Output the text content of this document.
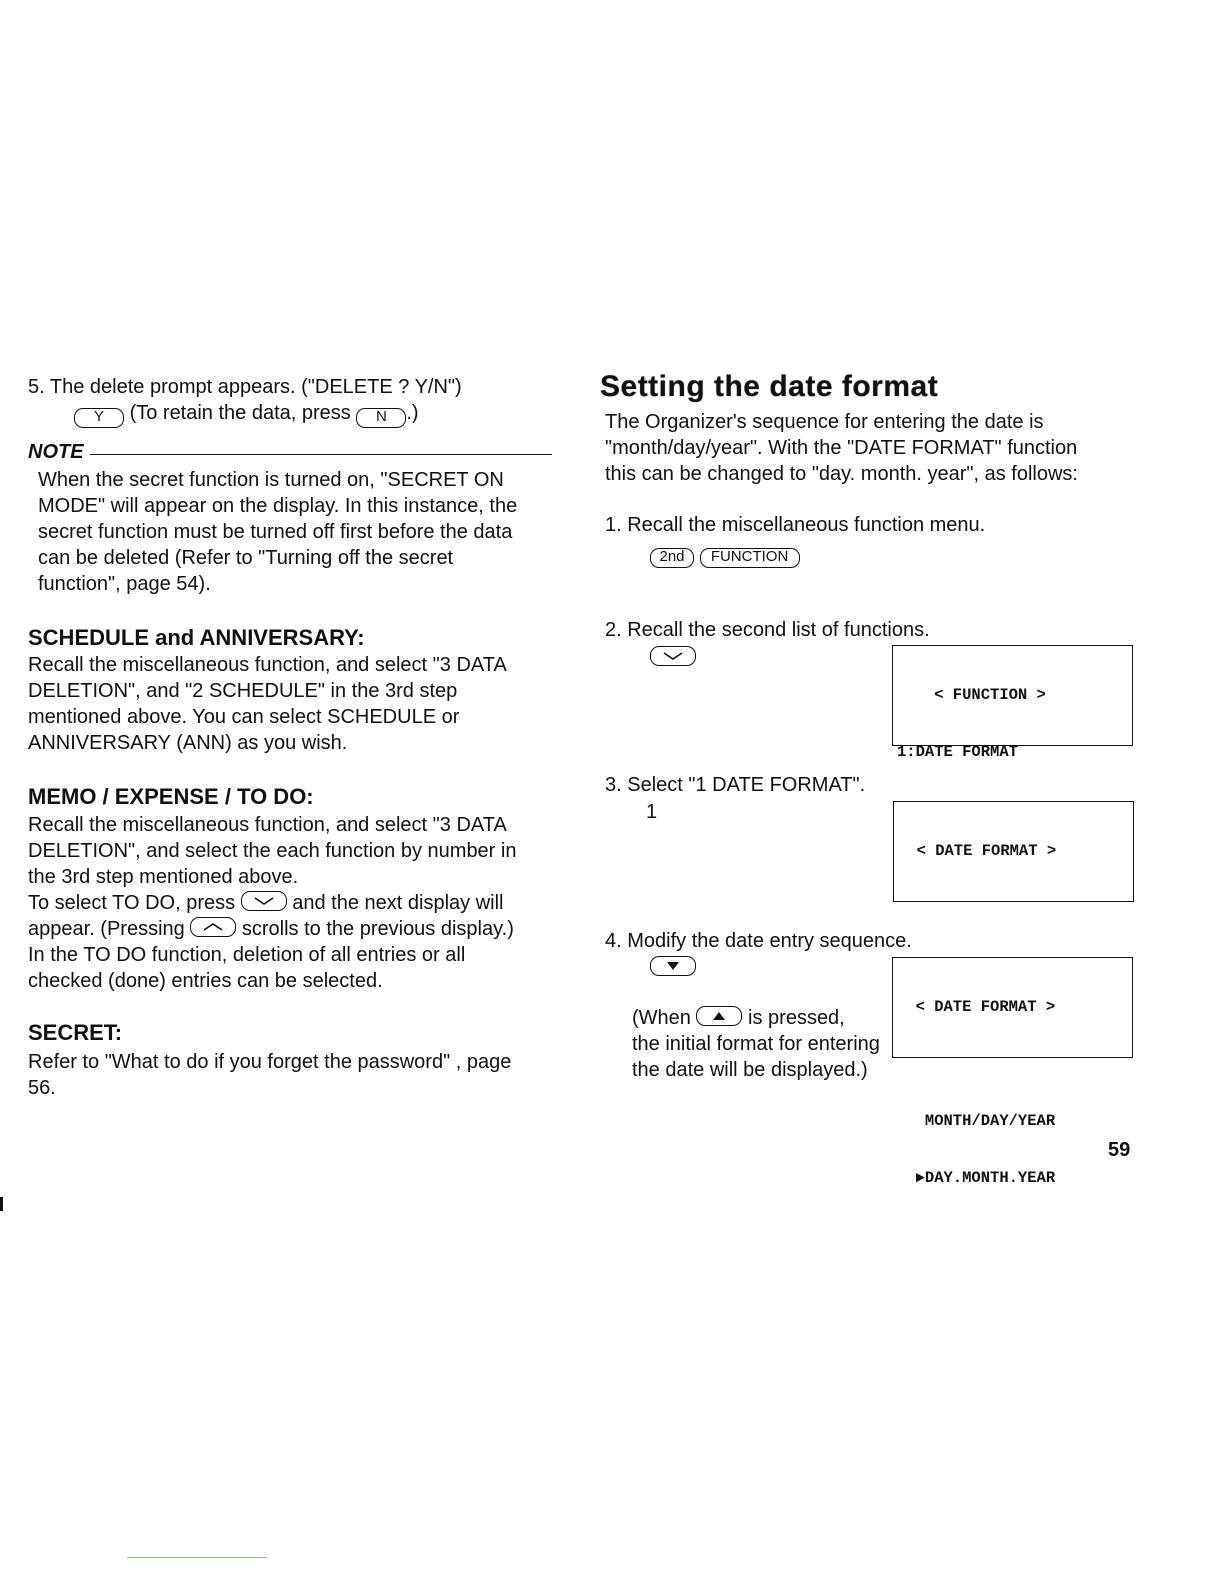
5. The delete prompt appears. ("DELETE ? Y/N")
Y (To retain the data, press N .)
NOTE
When the secret function is turned on, "SECRET ON
MODE" will appear on the display. In this instance, the
secret function must be turned off first before the data
can be deleted (Refer to "Turning off the secret
function", page 54).
SCHEDULE and ANNIVERSARY:
Recall the miscellaneous function, and select "3 DATA
DELETION", and "2 SCHEDULE" in the 3rd step
mentioned above. You can select SCHEDULE or
ANNIVERSARY (ANN) as you wish.
MEMO / EXPENSE / TO DO:
Recall the miscellaneous function, and select "3 DATA
DELETION", and select the each function by number in
the 3rd step mentioned above.
To select TO DO, press	and the next display will
appear. (Pressing	scrolls to the previous display.)
In the TO DO function, deletion of all entries or all
checked (done) entries can be selected.
SECRET:
Refer to "What to do if you forget the password" , page
56.
Setting the date format
The Organizer's sequence for entering the date is
"month/day/year". With the "DATE FORMAT" function
this can be changed to "day. month. year", as follows:
1. Recall the miscellaneous function menu.
2nd FUNCTION
2. Recall the second list of functions.

< FUNCTION >

1:DATE FORMAT

3. Select "1 DATE FORMAT".
1

< DATE FORMAT >

4. Modify the date entry sequence.

< DATE FORMAT >

MONTH/DAY/YEAR

►DAY.MONTH.YEAR

(When	is pressed,
the initial format for entering
the date will be displayed.)
59
